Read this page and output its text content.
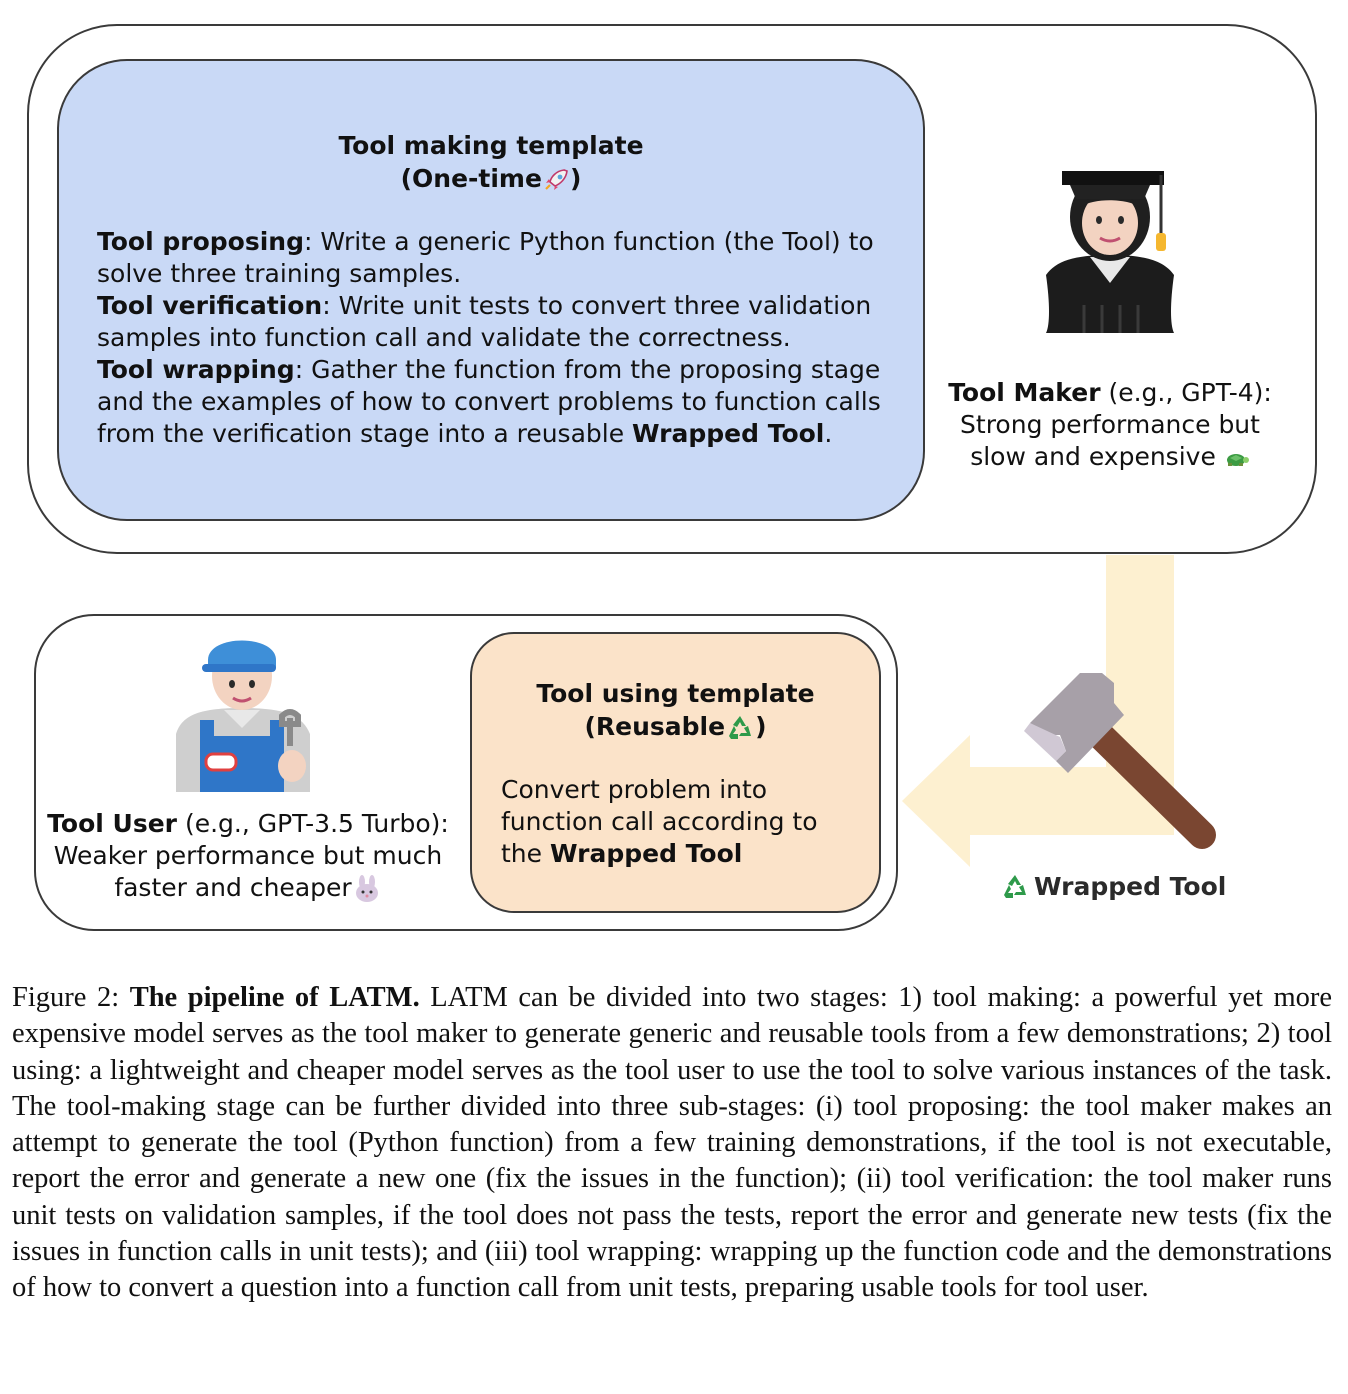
Tool making template
(One-time )
Tool proposing: Write a generic Python function (the Tool) to solve three training samples.
Tool verification: Write unit tests to convert three validation samples into function call and validate the correctness.
Tool wrapping: Gather the function from the proposing stage and the examples of how to convert problems to function calls from the verification stage into a reusable Wrapped Tool.
Tool Maker (e.g., GPT-4):
Strong performance but
slow and expensive
Tool using template
(Reusable )
Convert problem into function call according to the Wrapped Tool
Tool User (e.g., GPT-3.5 Turbo):
Weaker performance but much
faster and cheaper	Wrapped Tool
Figure 2: The pipeline of LATM. LATM can be divided into two stages: 1) tool making: a powerful yet more expensive model serves as the tool maker to generate generic and reusable tools from a few demonstrations; 2) tool using: a lightweight and cheaper model serves as the tool user to use the tool to solve various instances of the task. The tool-making stage can be further divided into three sub-stages: (i) tool proposing: the tool maker makes an attempt to generate the tool (Python function) from a few training demonstrations, if the tool is not executable, report the error and generate a new one (fix the issues in the function); (ii) tool verification: the tool maker runs unit tests on validation samples, if the tool does not pass the tests, report the error and generate new tests (fix the issues in function calls in unit tests); and (iii) tool wrapping: wrapping up the function code and the demonstrations of how to convert a question into a function call from unit tests, preparing usable tools for tool user.
